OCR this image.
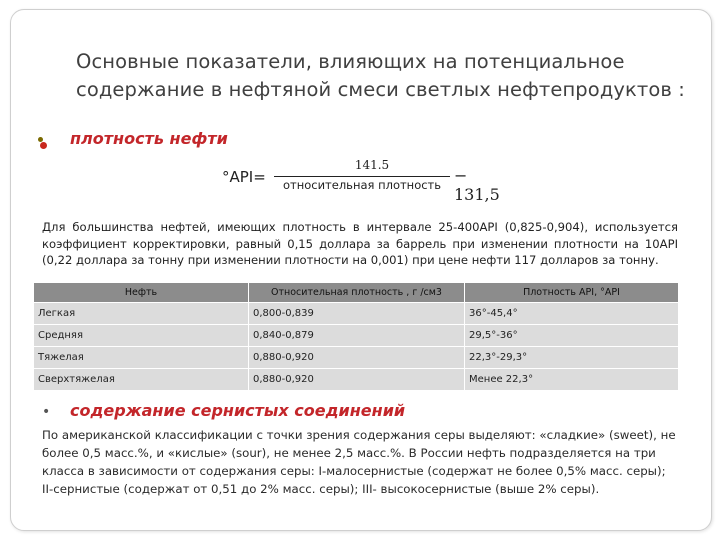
Основные показатели, влияющих на потенциальное содержание в нефтяной смеси светлых нефтепродуктов :
плотность нефти
°API=
141.5
относительная плотность − 131,5
Для большинства нефтей, имеющих плотность в интервале 25-400API (0,825-0,904), используется коэффициент корректировки, равный 0,15 доллара за баррель при изменении плотности на 10API (0,22 доллара за тонну при изменении плотности на 0,001) при цене нефти 117 долларов за тонну.
Нефть	Относительная плотность , г /см3	Плотность API, °API
Легкая	0,800-0,839	36°-45,4°
Средняя	0,840-0,879	29,5°-36°
Тяжелая	0,880-0,920	22,3°-29,3°
Сверхтяжелая	0,880-0,920	Менее 22,3°
• содержание сернистых соединений
По американской классификации с точки зрения содержания серы выделяют: «сладкие» (sweet), не более 0,5 масс.%, и «кислые» (sour), не менее 2,5 масс.%. В России нефть подразделяется на три класса в зависимости от содержания серы: I-малосернистые (содержат не более 0,5% масс. серы); II-сернистые (содержат от 0,51 до 2% масс. серы); III- высокосернистые (выше 2% серы).
